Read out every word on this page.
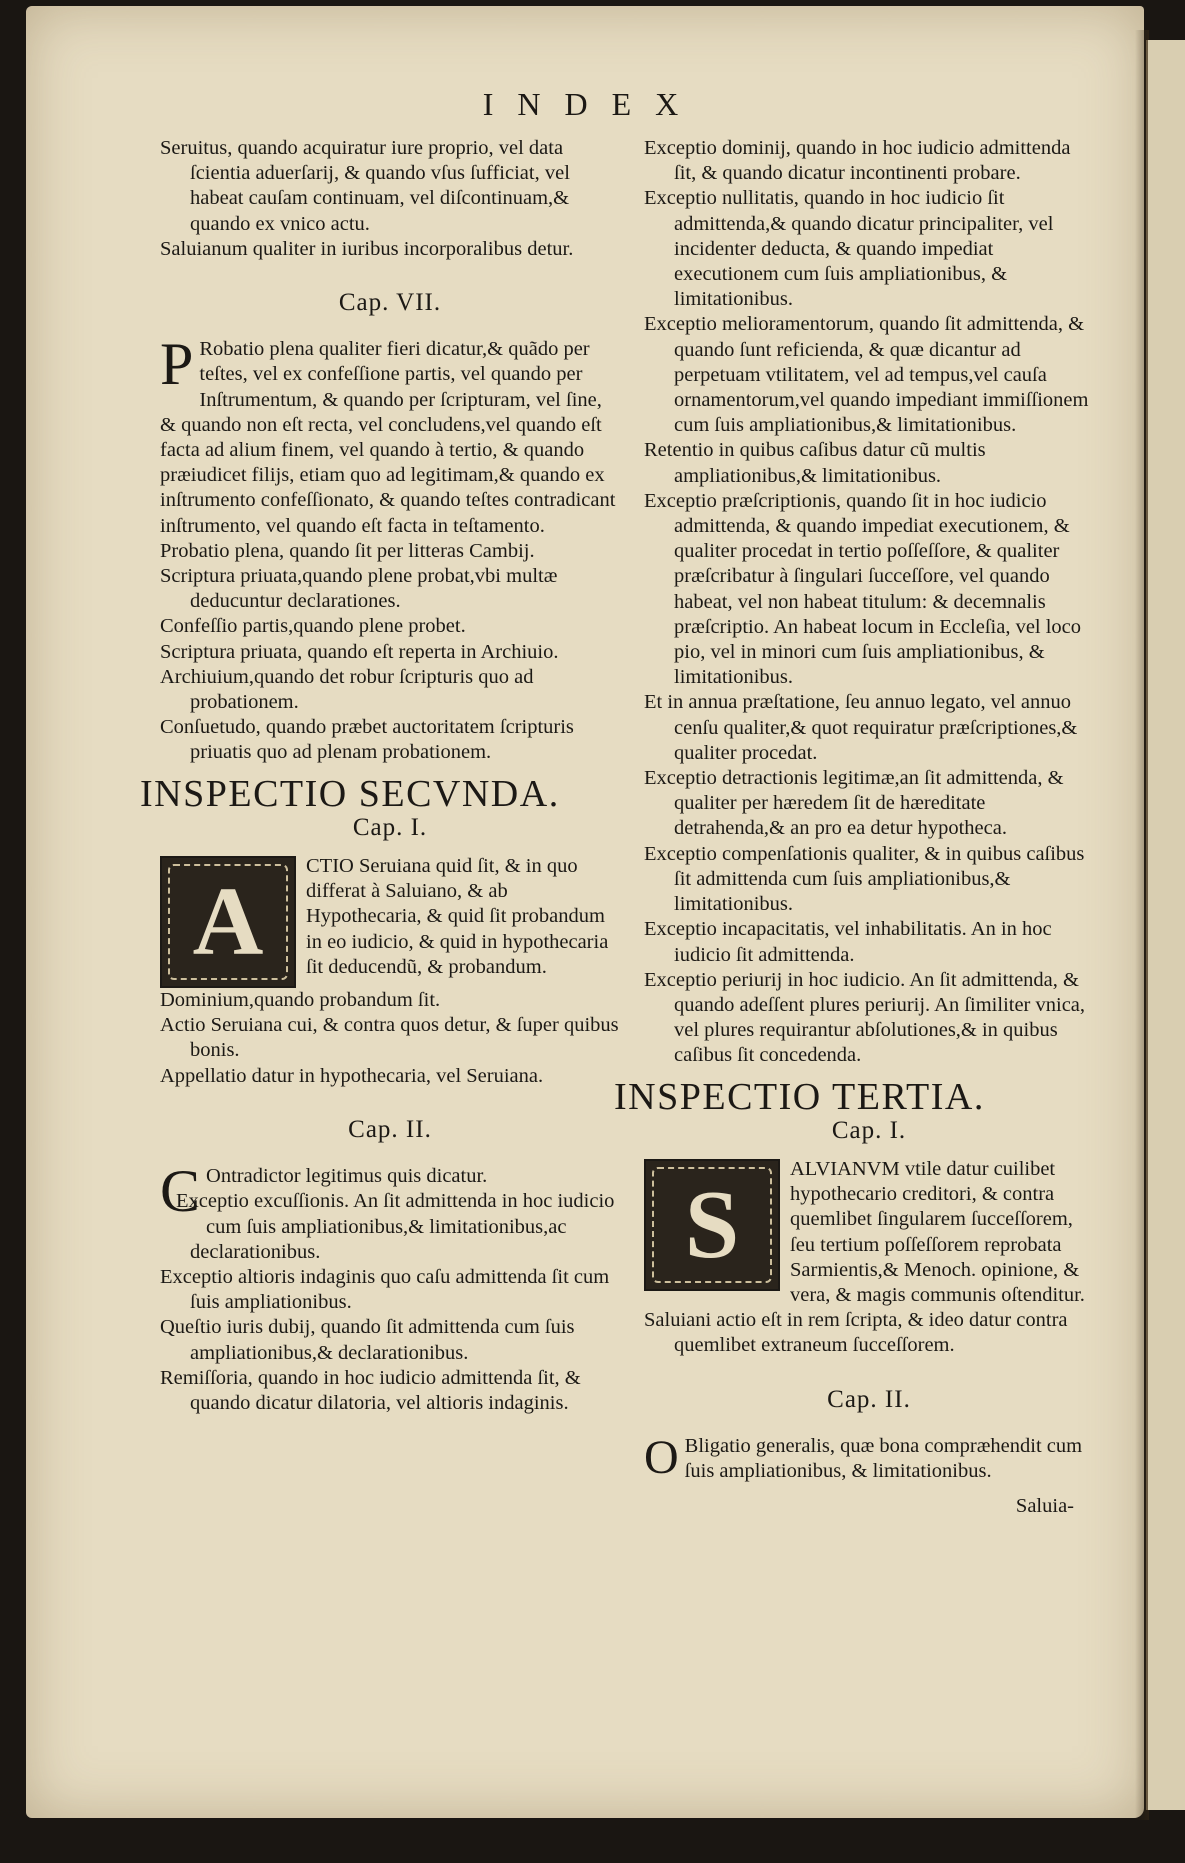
INDEX

Seruitus, quando acquiratur iure proprio, vel data ſcientia aduerſarij, & quando vſus ſufficiat, vel habeat cauſam continuam, vel diſcontinuam,& quando ex vnico actu.

Saluianum qualiter in iuribus incorporalibus detur.

Cap. VII.
P Robatio plena qualiter fieri dicatur,& quãdo per teſtes, vel ex confeſſione partis, vel quando per Inſtrumentum, & quando per ſcripturam, vel ſine, & quando non eſt recta, vel concludens,vel quando eſt facta ad alium finem, vel quando à tertio, & quando præiudicet filijs, etiam quo ad legitimam,& quando ex inſtrumento confeſſionato, & quando teſtes contradicant inſtrumento, vel quando eſt facta in teſtamento.

Probatio plena, quando ſit per litteras Cambij.

Scriptura priuata,quando plene probat,vbi multæ deducuntur declarationes.

Confeſſio partis,quando plene probet.

Scriptura priuata, quando eſt reperta in Archiuio.

Archiuium,quando det robur ſcripturis quo ad probationem.

Conſuetudo, quando præbet auctoritatem ſcripturis priuatis quo ad plenam probationem.

INSPECTIO SECVNDA.
Cap. I.
A
CTIO Seruiana quid ſit, & in quo differat à Saluiano, & ab Hypothecaria, & quid ſit probandum in eo iudicio, & quid in hypothecaria ſit deducendũ, & probandum.

Dominium,quando probandum ſit.

Actio Seruiana cui, & contra quos detur, & ſuper quibus bonis.

Appellatio datur in hypothecaria, vel Seruiana.

Cap. II.
C Ontradictor legitimus quis dicatur.

Exceptio excuſſionis. An ſit admittenda in hoc iudicio cum ſuis ampliationibus,& limitationibus,ac declarationibus.

Exceptio altioris indaginis quo caſu admittenda ſit cum ſuis ampliationibus.

Queſtio iuris dubij, quando ſit admittenda cum ſuis ampliationibus,& declarationibus.

Remiſſoria, quando in hoc iudicio admittenda ſit, & quando dicatur dilatoria, vel altioris indaginis.

Exceptio dominij, quando in hoc iudicio admittenda ſit, & quando dicatur incontinenti probare.

Exceptio nullitatis, quando in hoc iudicio ſit admittenda,& quando dicatur principaliter, vel incidenter deducta, & quando impediat executionem cum ſuis ampliationibus, & limitationibus.

Exceptio melioramentorum, quando ſit admittenda, & quando ſunt reficienda, & quæ dicantur ad perpetuam vtilitatem, vel ad tempus,vel cauſa ornamentorum,vel quando impediant immiſſionem cum ſuis ampliationibus,& limitationibus.

Retentio in quibus caſibus datur cũ multis ampliationibus,& limitationibus.

Exceptio præſcriptionis, quando ſit in hoc iudicio admittenda, & quando impediat executionem, & qualiter procedat in tertio poſſeſſore, & qualiter præſcribatur à ſingulari ſucceſſore, vel quando habeat, vel non habeat titulum: & decemnalis præſcriptio. An habeat locum in Eccleſia, vel loco pio, vel in minori cum ſuis ampliationibus, & limitationibus.

Et in annua præſtatione, ſeu annuo legato, vel annuo cenſu qualiter,& quot requiratur præſcriptiones,& qualiter procedat.

Exceptio detractionis legitimæ,an ſit admittenda, & qualiter per hæredem ſit de hæreditate detrahenda,& an pro ea detur hypotheca.

Exceptio compenſationis qualiter, & in quibus caſibus ſit admittenda cum ſuis ampliationibus,& limitationibus.

Exceptio incapacitatis, vel inhabilitatis. An in hoc iudicio ſit admittenda.

Exceptio periurij in hoc iudicio. An ſit admittenda, & quando adeſſent plures periurij. An ſimiliter vnica, vel plures requirantur abſolutiones,& in quibus caſibus ſit concedenda.

INSPECTIO TERTIA.
Cap. I.
S
ALVIANVM vtile datur cuilibet hypothecario creditori, & contra quemlibet ſingularem ſucceſſorem, ſeu tertium poſſeſſorem reprobata Sarmientis,& Menoch. opinione, & vera, & magis communis oſtenditur.

Saluiani actio eſt in rem ſcripta, & ideo datur contra quemlibet extraneum ſucceſſorem.

Cap. II.
O Bligatio generalis, quæ bona compræhendit cum ſuis ampliationibus, & limitationibus.
Saluia-
